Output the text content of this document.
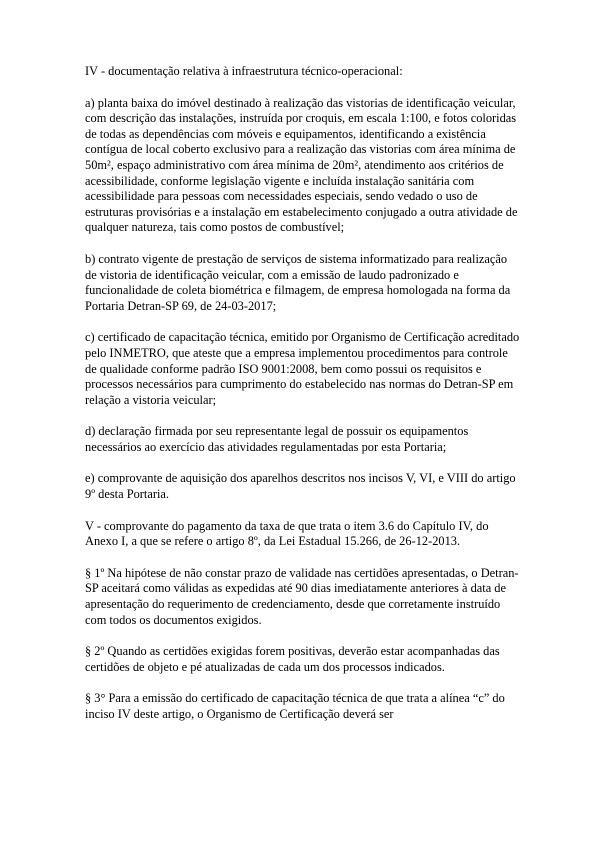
IV - documentação relativa à infraestrutura técnico-operacional:

a) planta baixa do imóvel destinado à realização das vistorias de identificação veicular, com descrição das instalações, instruída por croquis, em escala 1:100, e fotos coloridas de todas as dependências com móveis e equipamentos, identificando a existência contígua de local coberto exclusivo para a realização das vistorias com área mínima de 50m², espaço administrativo com área mínima de 20m², atendimento aos critérios de acessibilidade, conforme legislação vigente e incluída instalação sanitária com acessibilidade para pessoas com necessidades especiais, sendo vedado o uso de estruturas provisórias e a instalação em estabelecimento conjugado a outra atividade de qualquer natureza, tais como postos de combustível;

b) contrato vigente de prestação de serviços de sistema informatizado para realização de vistoria de identificação veicular, com a emissão de laudo padronizado e funcionalidade de coleta biométrica e filmagem, de empresa homologada na forma da Portaria Detran-SP 69, de 24-03-2017;

c) certificado de capacitação técnica, emitido por Organismo de Certificação acreditado pelo INMETRO, que ateste que a empresa implementou procedimentos para controle de qualidade conforme padrão ISO 9001:2008, bem como possui os requisitos e processos necessários para cumprimento do estabelecido nas normas do Detran-SP em relação a vistoria veicular;

d) declaração firmada por seu representante legal de possuir os equipamentos necessários ao exercício das atividades regulamentadas por esta Portaria;

e) comprovante de aquisição dos aparelhos descritos nos incisos V, VI, e VIII do artigo 9º desta Portaria.

V - comprovante do pagamento da taxa de que trata o item 3.6 do Capítulo IV, do Anexo I, a que se refere o artigo 8º, da Lei Estadual 15.266, de 26-12-2013.

§ 1º Na hipótese de não constar prazo de validade nas certidões apresentadas, o Detran-SP aceitará como válidas as expedidas até 90 dias imediatamente anteriores à data de apresentação do requerimento de credenciamento, desde que corretamente instruído com todos os documentos exigidos.

§ 2º Quando as certidões exigidas forem positivas, deverão estar acompanhadas das certidões de objeto e pé atualizadas de cada um dos processos indicados.

§ 3° Para a emissão do certificado de capacitação técnica de que trata a alínea “c” do inciso IV deste artigo, o Organismo de Certificação deverá ser
